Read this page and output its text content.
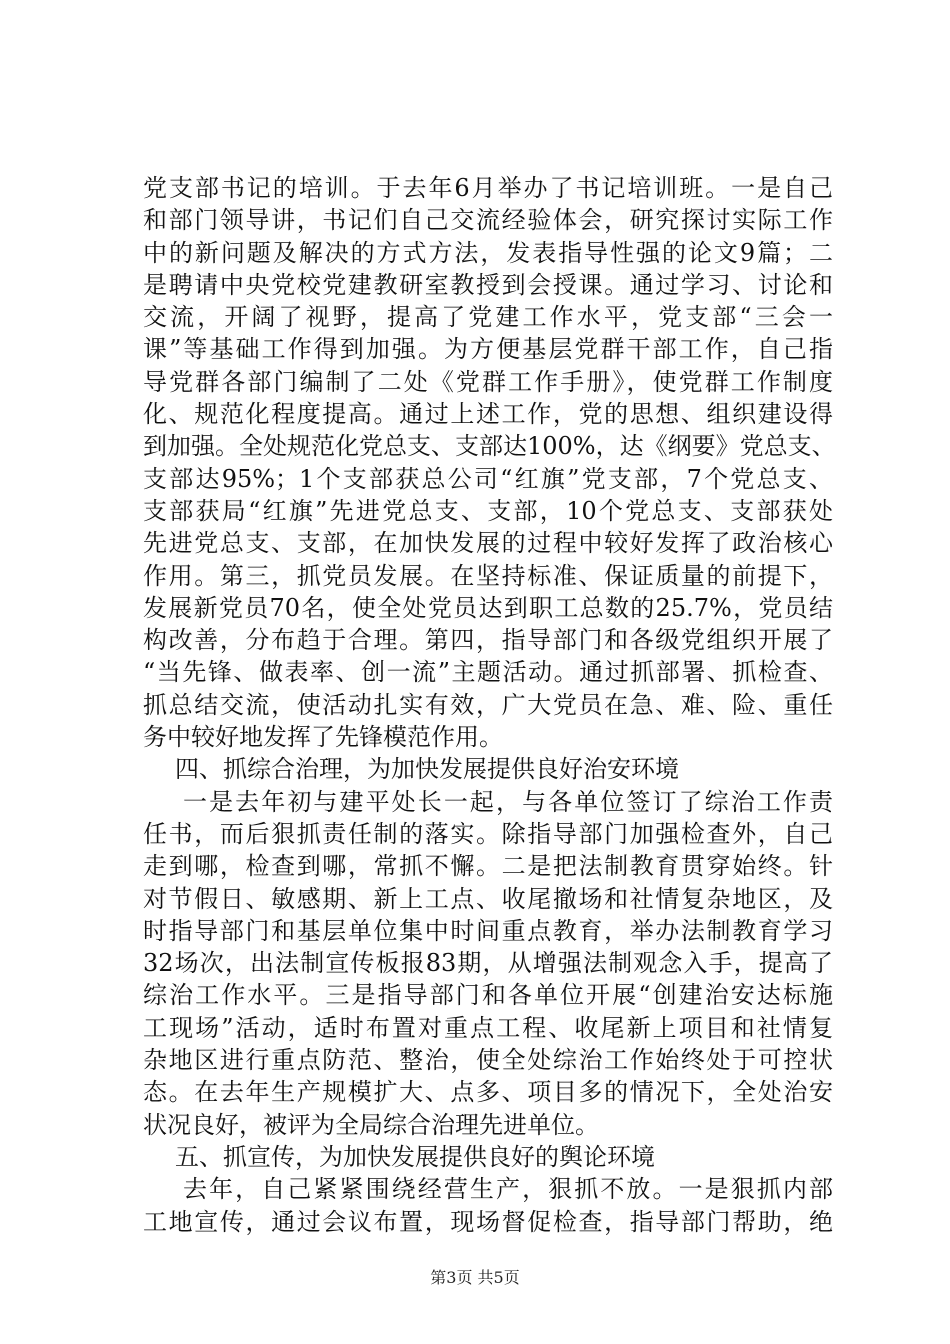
党支部书记的培训。于去年6月举办了书记培训班。一是自己
和部门领导讲，书记们自己交流经验体会，研究探讨实际工作
中的新问题及解决的方式方法，发表指导性强的论文9篇；二
是聘请中央党校党建教研室教授到会授课。通过学习、讨论和
交流，开阔了视野，提高了党建工作水平，党支部“三会一
课”等基础工作得到加强。为方便基层党群干部工作，自己指
导党群各部门编制了二处《党群工作手册》，使党群工作制度
化、规范化程度提高。通过上述工作，党的思想、组织建设得
到加强。全处规范化党总支、支部达100%，达《纲要》党总支、
支部达95%；1个支部获总公司“红旗”党支部，7个党总支、
支部获局“红旗”先进党总支、支部，10个党总支、支部获处
先进党总支、支部，在加快发展的过程中较好发挥了政治核心
作用。第三，抓党员发展。在坚持标准、保证质量的前提下，
发展新党员70名，使全处党员达到职工总数的25.7%，党员结
构改善，分布趋于合理。第四，指导部门和各级党组织开展了
“当先锋、做表率、创一流”主题活动。通过抓部署、抓检查、
抓总结交流，使活动扎实有效，广大党员在急、难、险、重任
务中较好地发挥了先锋模范作用。
四、抓综合治理，为加快发展提供良好治安环境
一是去年初与建平处长一起，与各单位签订了综治工作责
任书，而后狠抓责任制的落实。除指导部门加强检查外，自己
走到哪，检查到哪，常抓不懈。二是把法制教育贯穿始终。针
对节假日、敏感期、新上工点、收尾撤场和社情复杂地区，及
时指导部门和基层单位集中时间重点教育，举办法制教育学习
32场次，出法制宣传板报83期，从增强法制观念入手，提高了
综治工作水平。三是指导部门和各单位开展“创建治安达标施
工现场”活动，适时布置对重点工程、收尾新上项目和社情复
杂地区进行重点防范、整治，使全处综治工作始终处于可控状
态。在去年生产规模扩大、点多、项目多的情况下，全处治安
状况良好，被评为全局综合治理先进单位。
五、抓宣传，为加快发展提供良好的舆论环境
去年，自己紧紧围绕经营生产，狠抓不放。一是狠抓内部
工地宣传，通过会议布置，现场督促检查，指导部门帮助，绝
第3页 共5页
